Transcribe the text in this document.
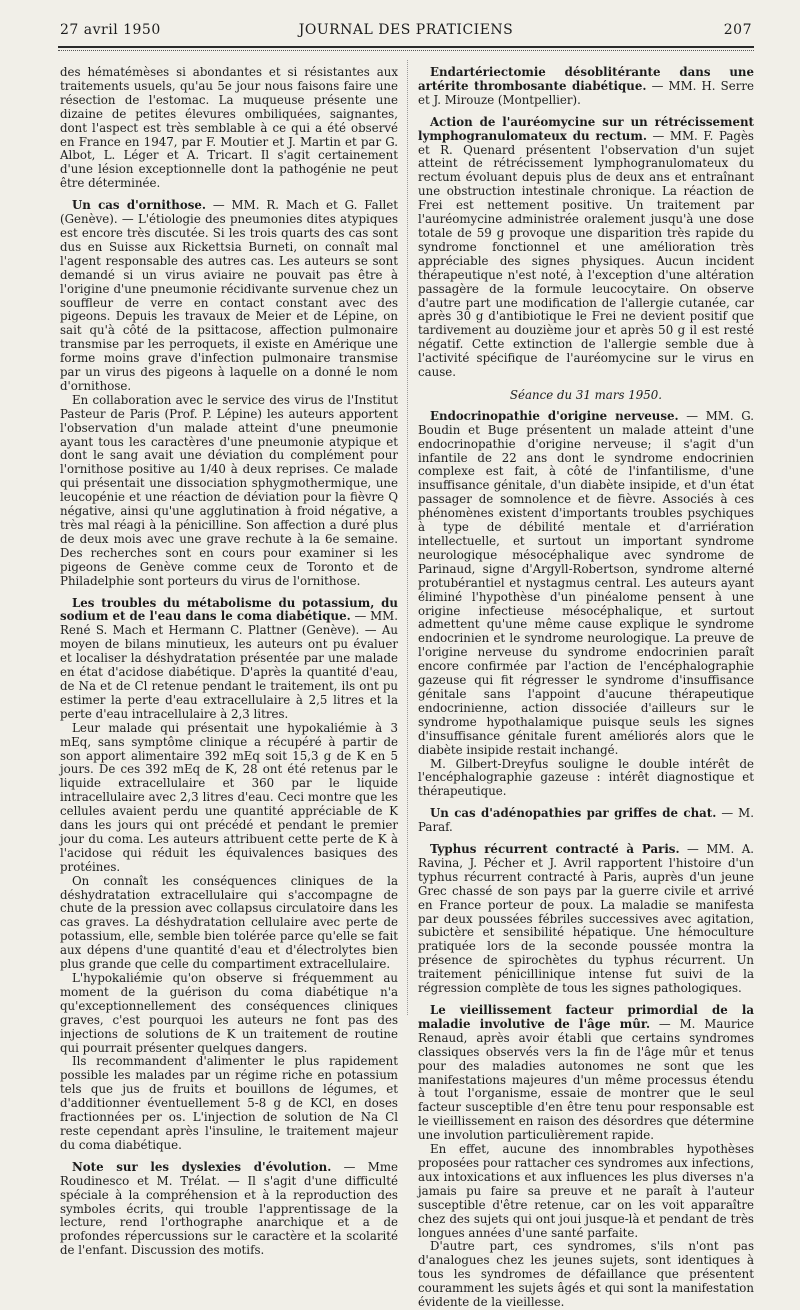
27 avril 1950	JOURNAL DES PRATICIENS	207

des hématémèses si abondantes et si résistantes aux traitements usuels, qu'au 5e jour nous faisons faire une résection de l'estomac. La muqueuse présente une dizaine de petites élevures ombiliquées, saignantes, dont l'aspect est très semblable à ce qui a été observé en France en 1947, par F. Moutier et J. Martin et par G. Albot, L. Léger et A. Tricart. Il s'agit certainement d'une lésion exceptionnelle dont la pathogénie ne peut être déterminée.

Un cas d'ornithose. — MM. R. Mach et G. Fallet (Genève). — L'étiologie des pneumonies dites atypiques est encore très discutée. Si les trois quarts des cas sont dus en Suisse aux Rickettsia Burneti, on connaît mal l'agent responsable des autres cas. Les auteurs se sont demandé si un virus aviaire ne pouvait pas être à l'origine d'une pneumonie récidivante survenue chez un souffleur de verre en contact constant avec des pigeons. Depuis les travaux de Meier et de Lépine, on sait qu'à côté de la psittacose, affection pulmonaire transmise par les perroquets, il existe en Amérique une forme moins grave d'infection pulmonaire transmise par un virus des pigeons à laquelle on a donné le nom d'ornithose.

En collaboration avec le service des virus de l'Institut Pasteur de Paris (Prof. P. Lépine) les auteurs apportent l'observation d'un malade atteint d'une pneumonie ayant tous les caractères d'une pneumonie atypique et dont le sang avait une déviation du complément pour l'ornithose positive au 1/40 à deux reprises. Ce malade qui présentait une dissociation sphygmothermique, une leucopénie et une réaction de déviation pour la fièvre Q négative, ainsi qu'une agglutination à froid négative, a très mal réagi à la pénicilline. Son affection a duré plus de deux mois avec une grave rechute à la 6e semaine. Des recherches sont en cours pour examiner si les pigeons de Genève comme ceux de Toronto et de Philadelphie sont porteurs du virus de l'ornithose.

Les troubles du métabolisme du potassium, du sodium et de l'eau dans le coma diabétique. — MM. René S. Mach et Hermann C. Plattner (Genève). — Au moyen de bilans minutieux, les auteurs ont pu évaluer et localiser la déshydratation présentée par une malade en état d'acidose diabétique. D'après la quantité d'eau, de Na et de Cl retenue pendant le traitement, ils ont pu estimer la perte d'eau extracellulaire à 2,5 litres et la perte d'eau intracellulaire à 2,3 litres.

Leur malade qui présentait une hypokaliémie à 3 mEq, sans symptôme clinique a récupéré à partir de son apport alimentaire 392 mEq soit 15,3 g de K en 5 jours. De ces 392 mEq de K, 28 ont été retenus par le liquide extracellulaire et 360 par le liquide intracellulaire avec 2,3 litres d'eau. Ceci montre que les cellules avaient perdu une quantité appréciable de K dans les jours qui ont précédé et pendant le premier jour du coma. Les auteurs attribuent cette perte de K à l'acidose qui réduit les équivalences basiques des protéines.

On connaît les conséquences cliniques de la déshydratation extracellulaire qui s'accompagne de chute de la pression avec collapsus circulatoire dans les cas graves. La déshydratation cellulaire avec perte de potassium, elle, semble bien tolérée parce qu'elle se fait aux dépens d'une quantité d'eau et d'électrolytes bien plus grande que celle du compartiment extracellulaire.

L'hypokaliémie qu'on observe si fréquemment au moment de la guérison du coma diabétique n'a qu'exceptionnellement des conséquences cliniques graves, c'est pourquoi les auteurs ne font pas des injections de solutions de K un traitement de routine qui pourrait présenter quelques dangers.

Ils recommandent d'alimenter le plus rapidement possible les malades par un régime riche en potassium tels que jus de fruits et bouillons de légumes, et d'additionner éventuellement 5-8 g de KCl, en doses fractionnées per os. L'injection de solution de Na Cl reste cependant après l'insuline, le traitement majeur du coma diabétique.

Note sur les dyslexies d'évolution. — Mme Roudinesco et M. Trélat. — Il s'agit d'une difficulté spéciale à la compréhension et à la reproduction des symboles écrits, qui trouble l'apprentissage de la lecture, rend l'orthographe anarchique et a de profondes répercussions sur le caractère et la scolarité de l'enfant. Discussion des motifs.

Endartériectomie désoblitérante dans une artérite thrombosante diabétique. — MM. H. Serre et J. Mirouze (Montpellier).

Action de l'auréomycine sur un rétrécissement lymphogranulomateux du rectum. — MM. F. Pagès et R. Quenard présentent l'observation d'un sujet atteint de rétrécissement lymphogranulomateux du rectum évoluant depuis plus de deux ans et entraînant une obstruction intestinale chronique. La réaction de Frei est nettement positive. Un traitement par l'auréomycine administrée oralement jusqu'à une dose totale de 59 g provoque une disparition très rapide du syndrome fonctionnel et une amélioration très appréciable des signes physiques. Aucun incident thérapeutique n'est noté, à l'exception d'une altération passagère de la formule leucocytaire. On observe d'autre part une modification de l'allergie cutanée, car après 30 g d'antibiotique le Frei ne devient positif que tardivement au douzième jour et après 50 g il est resté négatif. Cette extinction de l'allergie semble due à l'activité spécifique de l'auréomycine sur le virus en cause.

Séance du 31 mars 1950.

Endocrinopathie d'origine nerveuse. — MM. G. Boudin et Buge présentent un malade atteint d'une endocrinopathie d'origine nerveuse; il s'agit d'un infantile de 22 ans dont le syndrome endocrinien complexe est fait, à côté de l'infantilisme, d'une insuffisance génitale, d'un diabète insipide, et d'un état passager de somnolence et de fièvre. Associés à ces phénomènes existent d'importants troubles psychiques à type de débilité mentale et d'arriération intellectuelle, et surtout un important syndrome neurologique mésocéphalique avec syndrome de Parinaud, signe d'Argyll-Robertson, syndrome alterné protubérantiel et nystagmus central. Les auteurs ayant éliminé l'hypothèse d'un pinéalome pensent à une origine infectieuse mésocéphalique, et surtout admettent qu'une même cause explique le syndrome endocrinien et le syndrome neurologique. La preuve de l'origine nerveuse du syndrome endocrinien paraît encore confirmée par l'action de l'encéphalographie gazeuse qui fit régresser le syndrome d'insuffisance génitale sans l'appoint d'aucune thérapeutique endocrinienne, action dissociée d'ailleurs sur le syndrome hypothalamique puisque seuls les signes d'insuffisance génitale furent améliorés alors que le diabète insipide restait inchangé.

M. Gilbert-Dreyfus souligne le double intérêt de l'encéphalographie gazeuse : intérêt diagnostique et thérapeutique.

Un cas d'adénopathies par griffes de chat. — M. Paraf.

Typhus récurrent contracté à Paris. — MM. A. Ravina, J. Pécher et J. Avril rapportent l'histoire d'un typhus récurrent contracté à Paris, auprès d'un jeune Grec chassé de son pays par la guerre civile et arrivé en France porteur de poux. La maladie se manifesta par deux poussées fébriles successives avec agitation, subictère et sensibilité hépatique. Une hémoculture pratiquée lors de la seconde poussée montra la présence de spirochètes du typhus récurrent. Un traitement pénicillinique intense fut suivi de la régression complète de tous les signes pathologiques.

Le vieillissement facteur primordial de la maladie involutive de l'âge mûr. — M. Maurice Renaud, après avoir établi que certains syndromes classiques observés vers la fin de l'âge mûr et tenus pour des maladies autonomes ne sont que les manifestations majeures d'un même processus étendu à tout l'organisme, essaie de montrer que le seul facteur susceptible d'en être tenu pour responsable est le vieillissement en raison des désordres que détermine une involution particulièrement rapide.

En effet, aucune des innombrables hypothèses proposées pour rattacher ces syndromes aux infections, aux intoxications et aux influences les plus diverses n'a jamais pu faire sa preuve et ne paraît à l'auteur susceptible d'être retenue, car on les voit apparaître chez des sujets qui ont joui jusque-là et pendant de très longues années d'une santé parfaite.

D'autre part, ces syndromes, s'ils n'ont pas d'analogues chez les jeunes sujets, sont identiques à tous les syndromes de défaillance que présentent couramment les sujets âgés et qui sont la manifestation évidente de la vieillesse.
